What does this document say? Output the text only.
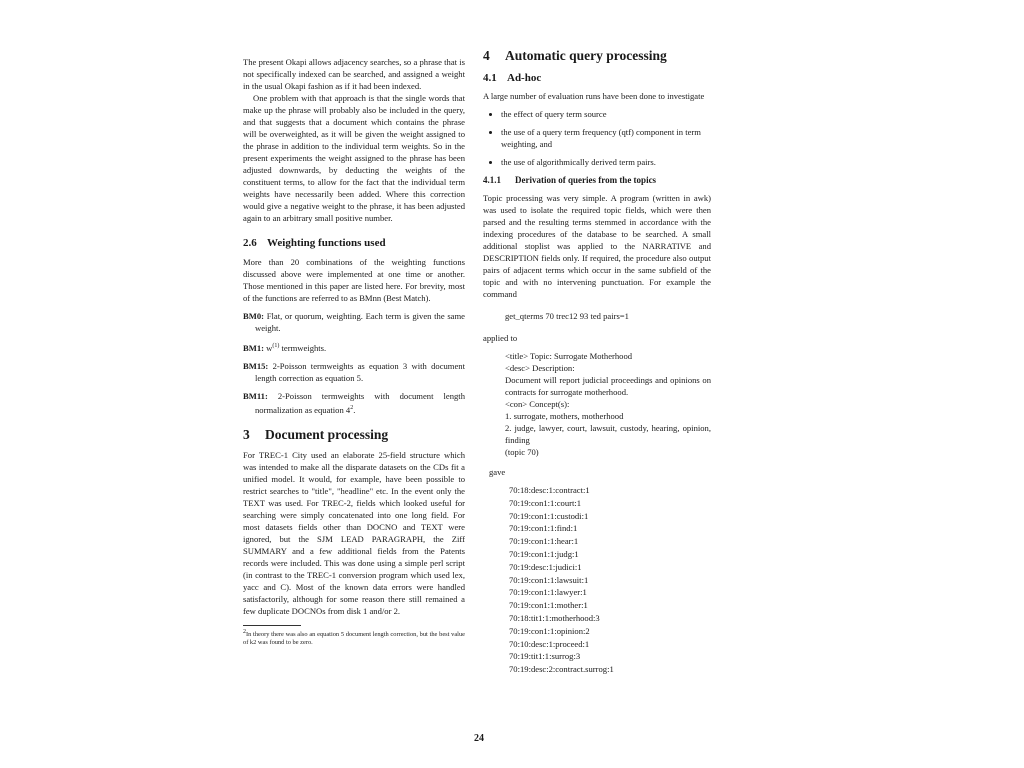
The present Okapi allows adjacency searches, so a phrase that is not specifically indexed can be searched, and assigned a weight in the usual Okapi fashion as if it had been indexed.

One problem with that approach is that the single words that make up the phrase will probably also be included in the query, and that suggests that a document which contains the phrase will be overweighted, as it will be given the weight assigned to the phrase in addition to the individual term weights. So in the present experiments the weight assigned to the phrase has been adjusted downwards, by deducting the weights of the constituent terms, to allow for the fact that the individual term weights have necessarily been added. Where this correction would give a negative weight to the phrase, it has been adjusted again to an arbitrary small positive number.

2.6 Weighting functions used

More than 20 combinations of the weighting functions discussed above were implemented at one time or another. Those mentioned in this paper are listed here. For brevity, most of the functions are referred to as BMnn (Best Match).

BM0: Flat, or quorum, weighting. Each term is given the same weight.

BM1: $w^{(1)}$ termweights.

BM15: 2-Poisson termweights as equation 3 with document length correction as equation 5.

BM11: 2-Poisson termweights with document length normalization as equation $4^2$.

3 Document processing

For TREC-1 City used an elaborate 25-field structure which was intended to make all the disparate datasets on the CDs fit a unified model. It would, for example, have been possible to restrict searches to "title", "headline" etc. In the event only the TEXT was used. For TREC-2, fields which looked useful for searching were simply concatenated into one long field. For most datasets fields other than DOCNO and TEXT were ignored, but the SJM LEAD PARAGRAPH, the Ziff SUMMARY and a few additional fields from the Patents records were included. This was done using a simple perl script (in contrast to the TREC-1 conversion program which used lex, yacc and C). Most of the known data errors were handled satisfactorily, although for some reason there still remained a few duplicate DOCNOs from disk 1 and/or 2.

$^2$In theory there was also an equation 5 document length correction, but the best value of k2 was found to be zero.

4 Automatic query processing
4.1 Ad-hoc

A large number of evaluation runs have been done to investigate

• the effect of query term source
• the use of a query term frequency (qtf) component in term weighting, and
• the use of algorithmically derived term pairs.
4.1.1 Derivation of queries from the topics

Topic processing was very simple. A program (written in awk) was used to isolate the required topic fields, which were then parsed and the resulting terms stemmed in accordance with the indexing procedures of the database to be searched. A small additional stoplist was applied to the NARRATIVE and DESCRIPTION fields only. If required, the procedure also output pairs of adjacent terms which occur in the same subfield of the topic and with no intervening punctuation. For example the command

get_qterms 70 trec12 93 ted pairs=1

applied to

<title> Topic: Surrogate Motherhood

<desc> Description:

Document will report judicial proceedings and opinions on contracts for surrogate motherhood.

<con> Concept(s):

1. surrogate, mothers, motherhood

2. judge, lawyer, court, lawsuit, custody, hearing, opinion, finding

(topic 70)

gave

70:18:desc:1:contract:1
70:19:con1:1:court:1
70:19:con1:1:custodi:1
70:19:con1:1:find:1
70:19:con1:1:hear:1
70:19:con1:1:judg:1
70:19:desc:1:judici:1
70:19:con1:1:lawsuit:1
70:19:con1:1:lawyer:1
70:19:con1:1:mother:1
70:18:tit1:1:motherhood:3
70:19:con1:1:opinion:2
70:10:desc:1:proceed:1
70:19:tit1:1:surrog:3
70:19:desc:2:contract.surrog:1
24
